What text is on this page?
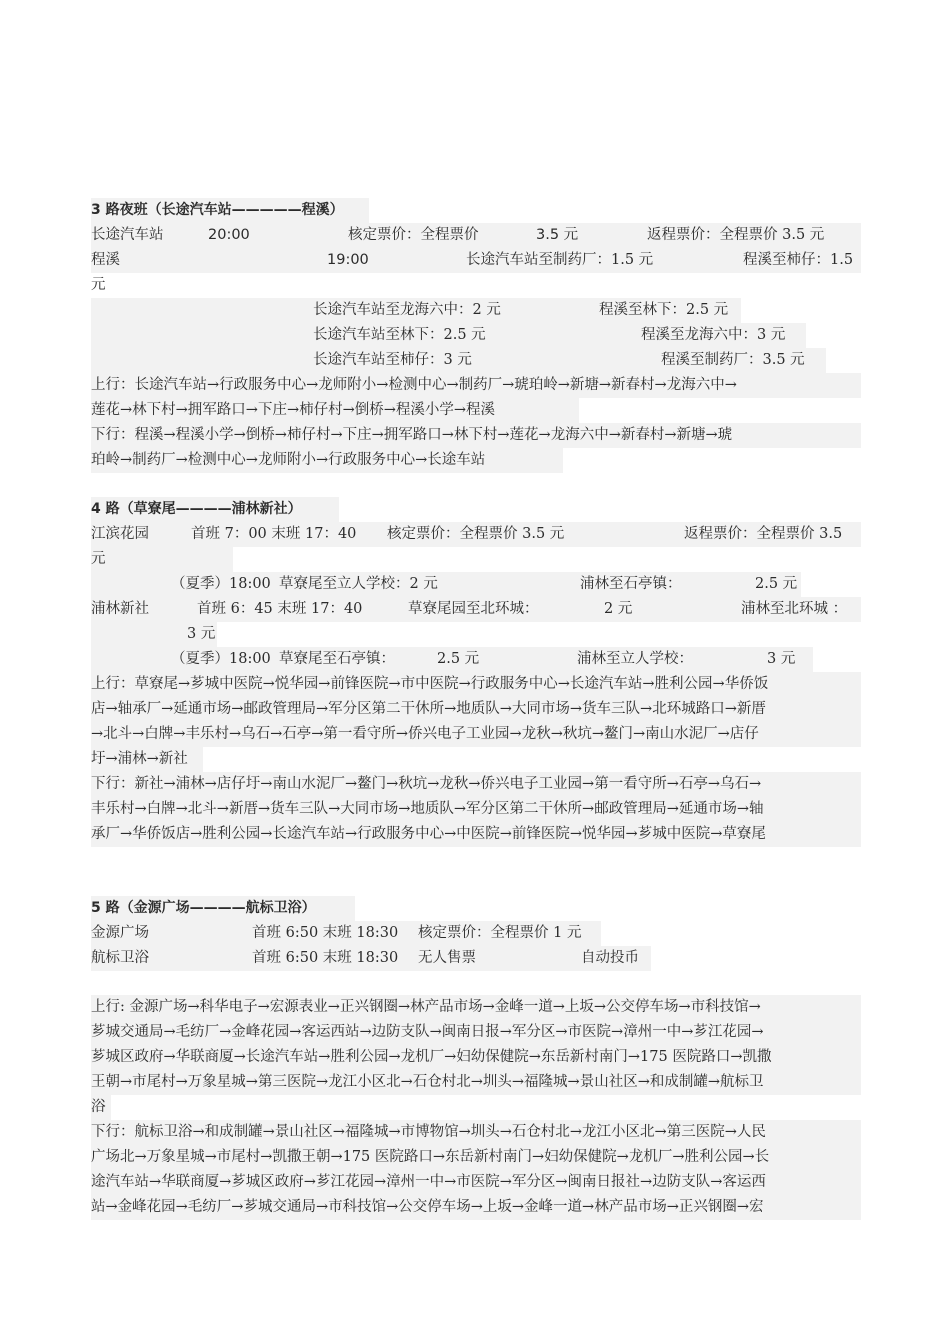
3 路夜班（长途汽车站—————程溪）
长途汽车站	20:00	核定票价：全程票价	3.5 元	返程票价：全程票价 3.5 元
程溪	19:00	长途汽车站至制药厂：1.5 元	程溪至柿仔：1.5
元
长途汽车站至龙海六中：2 元	程溪至林下：2.5 元
长途汽车站至林下：2.5 元	程溪至龙海六中：3 元
长途汽车站至柿仔：3 元	程溪至制药厂：3.5 元
上行：长途汽车站→行政服务中心→龙师附小→检测中心→制药厂→琥珀岭→新塘→新春村→龙海六中→
莲花→林下村→拥军路口→下庄→柿仔村→倒桥→程溪小学→程溪
下行：程溪→程溪小学→倒桥→柿仔村→下庄→拥军路口→林下村→莲花→龙海六中→新春村→新塘→琥
珀岭→制药厂→检测中心→龙师附小→行政服务中心→长途车站
4 路（草寮尾————浦林新社）
江滨花园	首班 7：00 末班 17：40 核定票价：全程票价 3.5 元	返程票价：全程票价 3.5
元
（夏季）18:00 草寮尾至立人学校：2 元	浦林至石亭镇：	2.5 元
浦林新社	首班 6：45 末班 17：40	草寮尾园至北环城：	2 元	浦林至北环城 ：
3 元
（夏季）18:00 草寮尾至石亭镇：	2.5 元	浦林至立人学校：	3 元
上行：草寮尾→芗城中医院→悦华园→前锋医院→市中医院→行政服务中心→长途汽车站→胜利公园→华侨饭
店→轴承厂→延通市场→邮政管理局→军分区第二干休所→地质队→大同市场→货车三队→北环城路口→新厝
→北斗→白牌→丰乐村→乌石→石亭→第一看守所→侨兴电子工业园→龙秋→秋坑→鳌门→南山水泥厂→店仔
圩→浦林→新社
下行：新社→浦林→店仔圩→南山水泥厂→鳌门→秋坑→龙秋→侨兴电子工业园→第一看守所→石亭→乌石→
丰乐村→白牌→北斗→新厝→货车三队→大同市场→地质队→军分区第二干休所→邮政管理局→延通市场→轴
承厂→华侨饭店→胜利公园→长途汽车站→行政服务中心→中医院→前锋医院→悦华园→芗城中医院→草寮尾
5 路（金源广场————航标卫浴）
金源广场	首班 6:50 末班 18:30 核定票价：全程票价 1 元
航标卫浴	首班 6:50 末班 18:30 无人售票	自动投币
上行: 金源广场→科华电子→宏源表业→正兴钢圈→林产品市场→金峰一道→上坂→公交停车场→市科技馆→
芗城交通局→毛纺厂→金峰花园→客运西站→边防支队→闽南日报→军分区→市医院→漳州一中→芗江花园→
芗城区政府→华联商厦→长途汽车站→胜利公园→龙机厂→妇幼保健院→东岳新村南门→175 医院路口→凯撒
王朝→市尾村→万象星城→第三医院→龙江小区北→石仓村北→圳头→福隆城→景山社区→和成制罐→航标卫
浴
下行：航标卫浴→和成制罐→景山社区→福隆城→市博物馆→圳头→石仓村北→龙江小区北→第三医院→人民
广场北→万象星城→市尾村→凯撒王朝→175 医院路口→东岳新村南门→妇幼保健院→龙机厂→胜利公园→长
途汽车站→华联商厦→芗城区政府→芗江花园→漳州一中→市医院→军分区→闽南日报社→边防支队→客运西
站→金峰花园→毛纺厂→芗城交通局→市科技馆→公交停车场→上坂→金峰一道→林产品市场→正兴钢圈→宏
